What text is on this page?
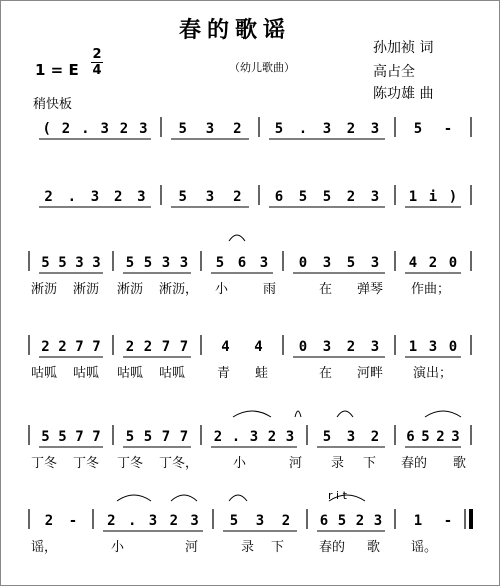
春的歌谣
孙加祯 词
高占全
陈功雄 曲
1 = E
2
4	（幼儿歌曲）
稍快板
r i t
( 2 . 3 2 3 5 3 2 5 . 3 2 3 5 -
2 . 3 2 3 5 3 2 6 5 5 2 3 1 i )
5 5 3 3 5 5 3 3 5 6 3 0 3 5 3 4 2 0
淅沥 淅沥 淅沥 淅沥， 小	雨	在 弹琴 作曲；
2 2 7 7 2 2 7 7 4 4	0 3 2 3 1 3 0
咕呱 咕呱 咕呱 咕呱 青 蛙	在 河畔 演出；
5 5 7 7 5 5 7 7 2 . 3 2 3 5 3 2 6 5 2 3
丁冬 丁冬 丁冬 丁冬，	小	河 录 下 春的 歌
2 - 2 . 3 2 3 5 3 2 6 5 2 3 1 -
谣，	小	河	录 下	春的 歌 谣。
